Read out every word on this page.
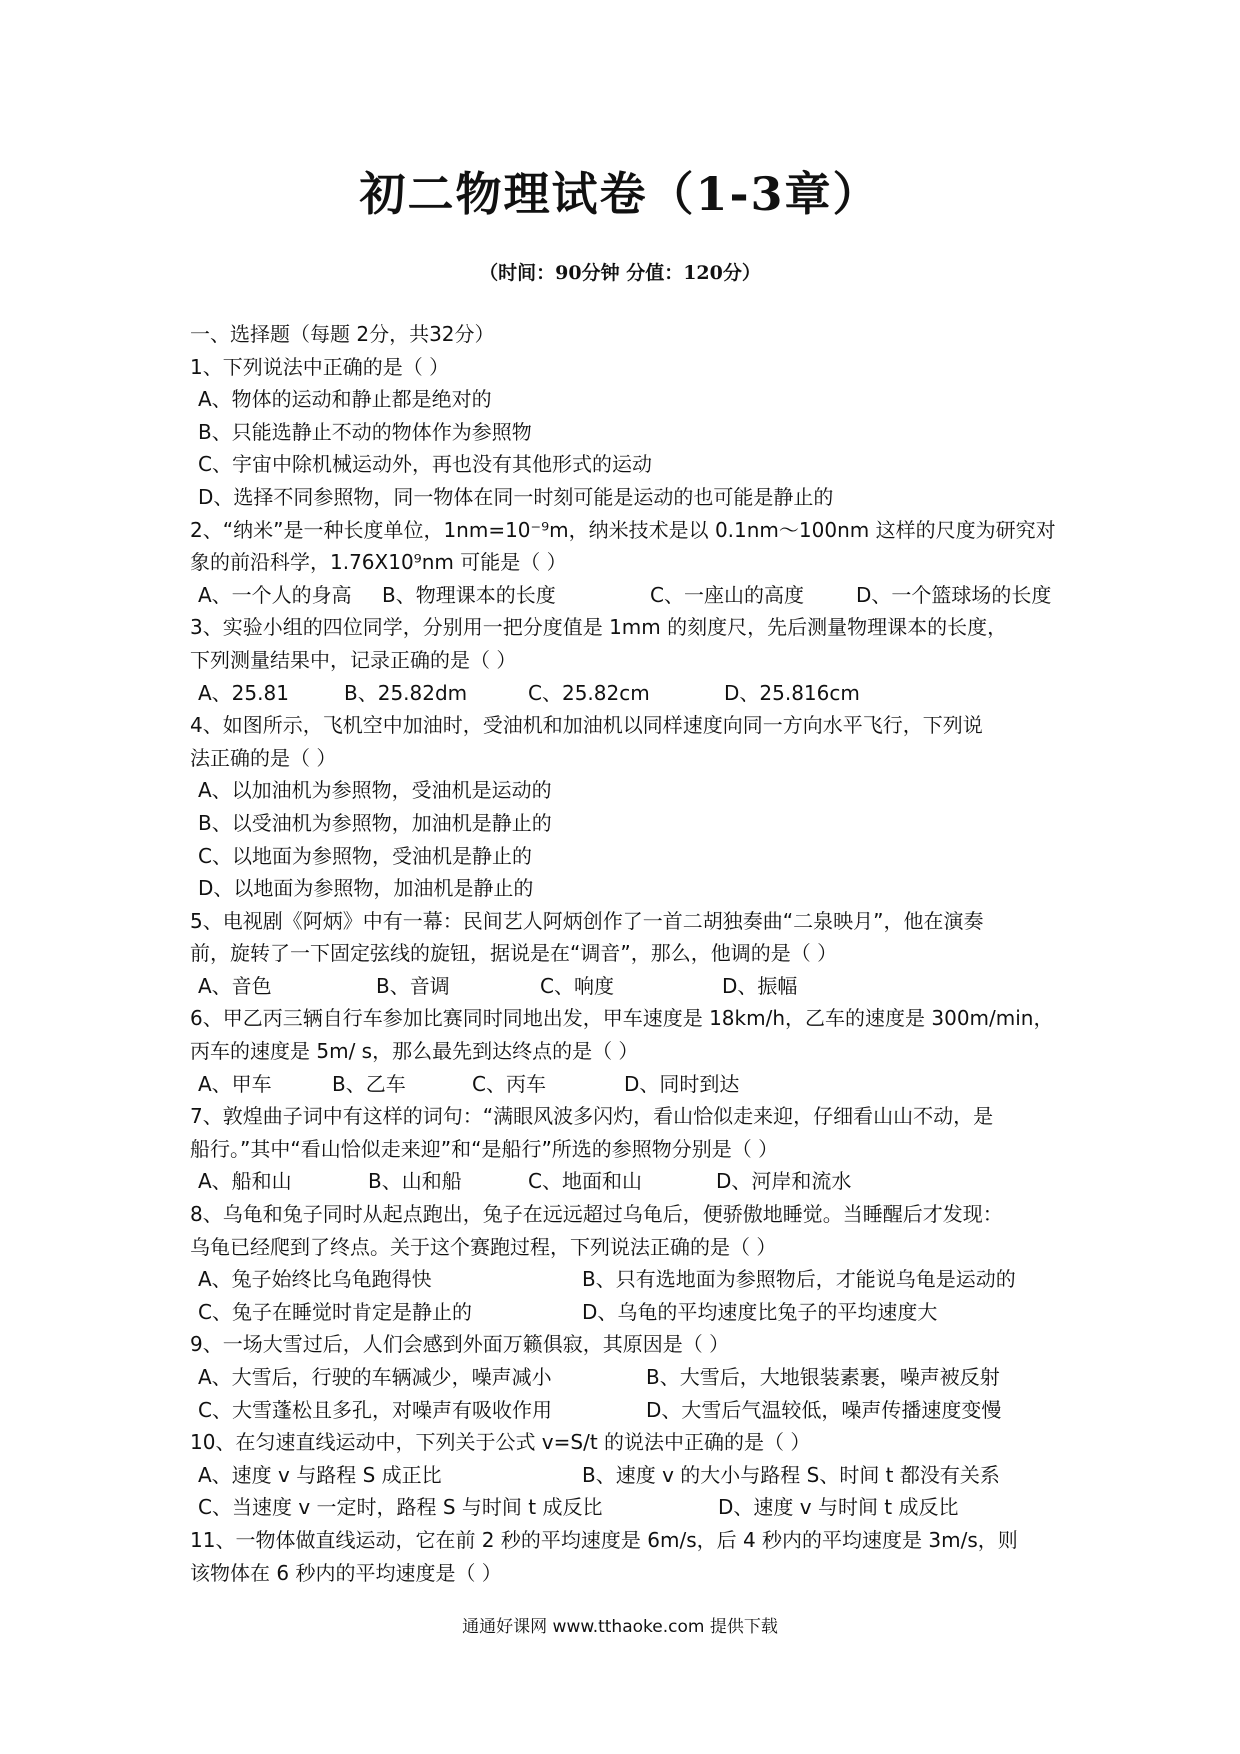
初二物理试卷（1-3章）
（时间：90分钟 分值：120分）
一、选择题（每题 2分，共32分）
1、下列说法中正确的是（ ）
A、物体的运动和静止都是绝对的
B、只能选静止不动的物体作为参照物
C、宇宙中除机械运动外，再也没有其他形式的运动
D、选择不同参照物，同一物体在同一时刻可能是运动的也可能是静止的
2、“纳米”是一种长度单位，1nm=10⁻⁹m，纳米技术是以 0.1nm～100nm 这样的尺度为研究对
象的前沿科学，1.76X10⁹nm 可能是（ ）
A、一个人的身高	B、物理课本的长度	C、一座山的高度	D、一个篮球场的长度
3、实验小组的四位同学，分别用一把分度值是 1mm 的刻度尺，先后测量物理课本的长度，
下列测量结果中，记录正确的是（ ）
A、25.81	B、25.82dm	C、25.82cm	D、25.816cm
4、如图所示，飞机空中加油时，受油机和加油机以同样速度向同一方向水平飞行，下列说
法正确的是（ ）
A、以加油机为参照物，受油机是运动的
B、以受油机为参照物，加油机是静止的
C、以地面为参照物，受油机是静止的
D、以地面为参照物，加油机是静止的
5、电视剧《阿炳》中有一幕：民间艺人阿炳创作了一首二胡独奏曲“二泉映月”，他在演奏
前，旋转了一下固定弦线的旋钮，据说是在“调音”，那么，他调的是（ ）
A、音色	B、音调	C、响度	D、振幅
6、甲乙丙三辆自行车参加比赛同时同地出发，甲车速度是 18km/h，乙车的速度是 300m/min，
丙车的速度是 5m/ s，那么最先到达终点的是（ ）
A、甲车	B、乙车	C、丙车	D、同时到达
7、敦煌曲子词中有这样的词句：“满眼风波多闪灼，看山恰似走来迎，仔细看山山不动，是
船行。”其中“看山恰似走来迎”和“是船行”所选的参照物分别是（ ）
A、船和山	B、山和船	C、地面和山	D、河岸和流水
8、乌龟和兔子同时从起点跑出，兔子在远远超过乌龟后，便骄傲地睡觉。当睡醒后才发现：
乌龟已经爬到了终点。关于这个赛跑过程，下列说法正确的是（ ）
A、兔子始终比乌龟跑得快	B、只有选地面为参照物后，才能说乌龟是运动的
C、兔子在睡觉时肯定是静止的	D、乌龟的平均速度比兔子的平均速度大
9、一场大雪过后，人们会感到外面万籁俱寂，其原因是（ ）
A、大雪后，行驶的车辆减少，噪声减小	B、大雪后，大地银装素裹，噪声被反射
C、大雪蓬松且多孔，对噪声有吸收作用	D、大雪后气温较低，噪声传播速度变慢
10、在匀速直线运动中，下列关于公式 v=S/t 的说法中正确的是（ ）
A、速度 v 与路程 S 成正比	B、速度 v 的大小与路程 S、时间 t 都没有关系
C、当速度 v 一定时，路程 S 与时间 t 成反比	D、速度 v 与时间 t 成反比
11、一物体做直线运动，它在前 2 秒的平均速度是 6m/s，后 4 秒内的平均速度是 3m/s，则
该物体在 6 秒内的平均速度是（ ）
通通好课网 www.tthaoke.com 提供下载
